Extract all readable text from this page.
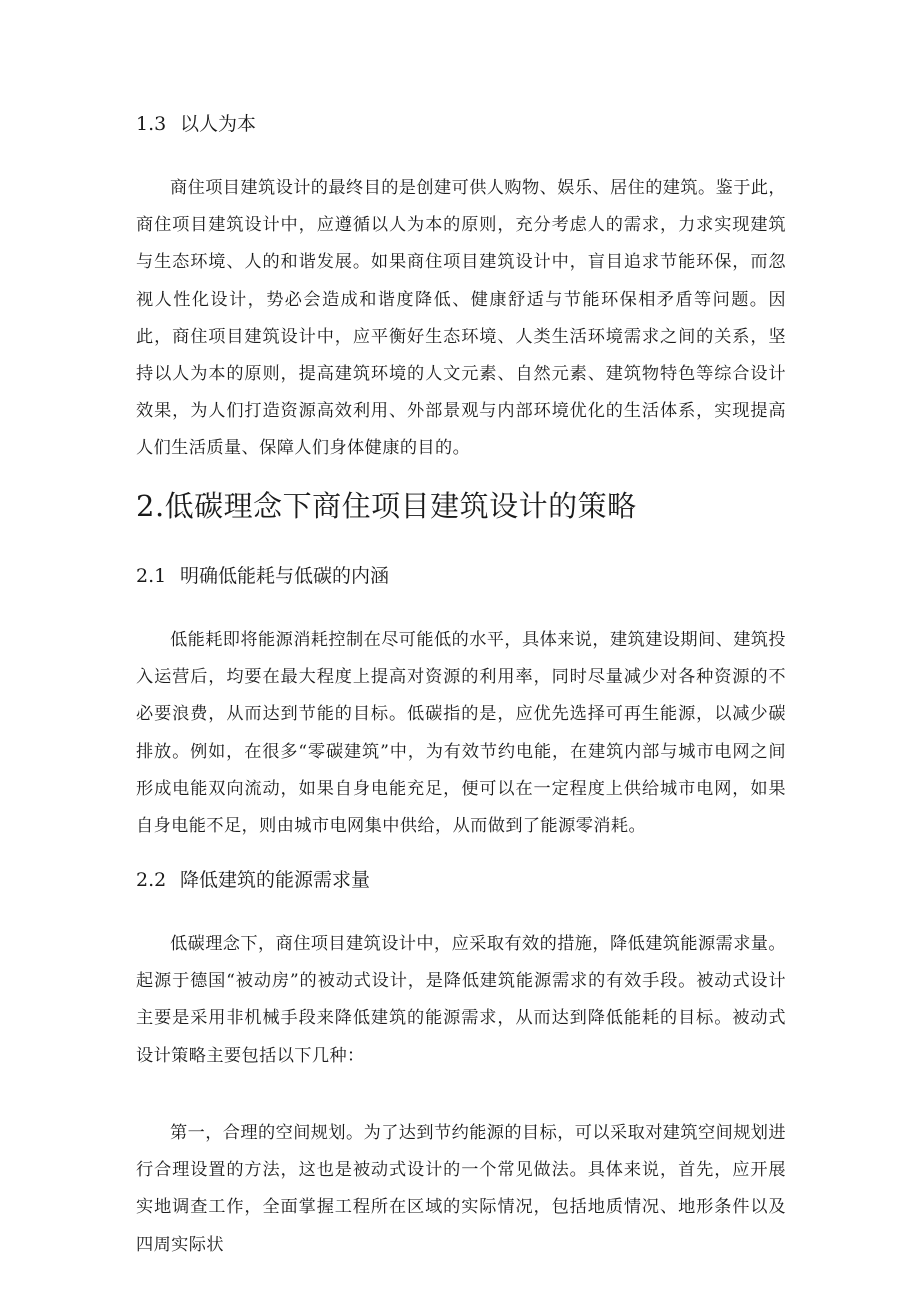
1.3 以人为本

商住项目建筑设计的最终目的是创建可供人购物、娱乐、居住的建筑。鉴于此，商住项目建筑设计中，应遵循以人为本的原则，充分考虑人的需求，力求实现建筑与生态环境、人的和谐发展。如果商住项目建筑设计中，盲目追求节能环保，而忽视人性化设计，势必会造成和谐度降低、健康舒适与节能环保相矛盾等问题。因此，商住项目建筑设计中，应平衡好生态环境、人类生活环境需求之间的关系，坚持以人为本的原则，提高建筑环境的人文元素、自然元素、建筑物特色等综合设计效果，为人们打造资源高效利用、外部景观与内部环境优化的生活体系，实现提高人们生活质量、保障人们身体健康的目的。

2.低碳理念下商住项目建筑设计的策略
2.1 明确低能耗与低碳的内涵

低能耗即将能源消耗控制在尽可能低的水平，具体来说，建筑建设期间、建筑投入运营后，均要在最大程度上提高对资源的利用率，同时尽量减少对各种资源的不必要浪费，从而达到节能的目标。低碳指的是，应优先选择可再生能源，以减少碳排放。例如，在很多“零碳建筑”中，为有效节约电能，在建筑内部与城市电网之间形成电能双向流动，如果自身电能充足，便可以在一定程度上供给城市电网，如果自身电能不足，则由城市电网集中供给，从而做到了能源零消耗。

2.2 降低建筑的能源需求量

低碳理念下，商住项目建筑设计中，应采取有效的措施，降低建筑能源需求量。起源于德国“被动房”的被动式设计，是降低建筑能源需求的有效手段。被动式设计主要是采用非机械手段来降低建筑的能源需求，从而达到降低能耗的目标。被动式设计策略主要包括以下几种：

第一，合理的空间规划。为了达到节约能源的目标，可以采取对建筑空间规划进行合理设置的方法，这也是被动式设计的一个常见做法。具体来说，首先，应开展实地调查工作，全面掌握工程所在区域的实际情况，包括地质情况、地形条件以及四周实际状
